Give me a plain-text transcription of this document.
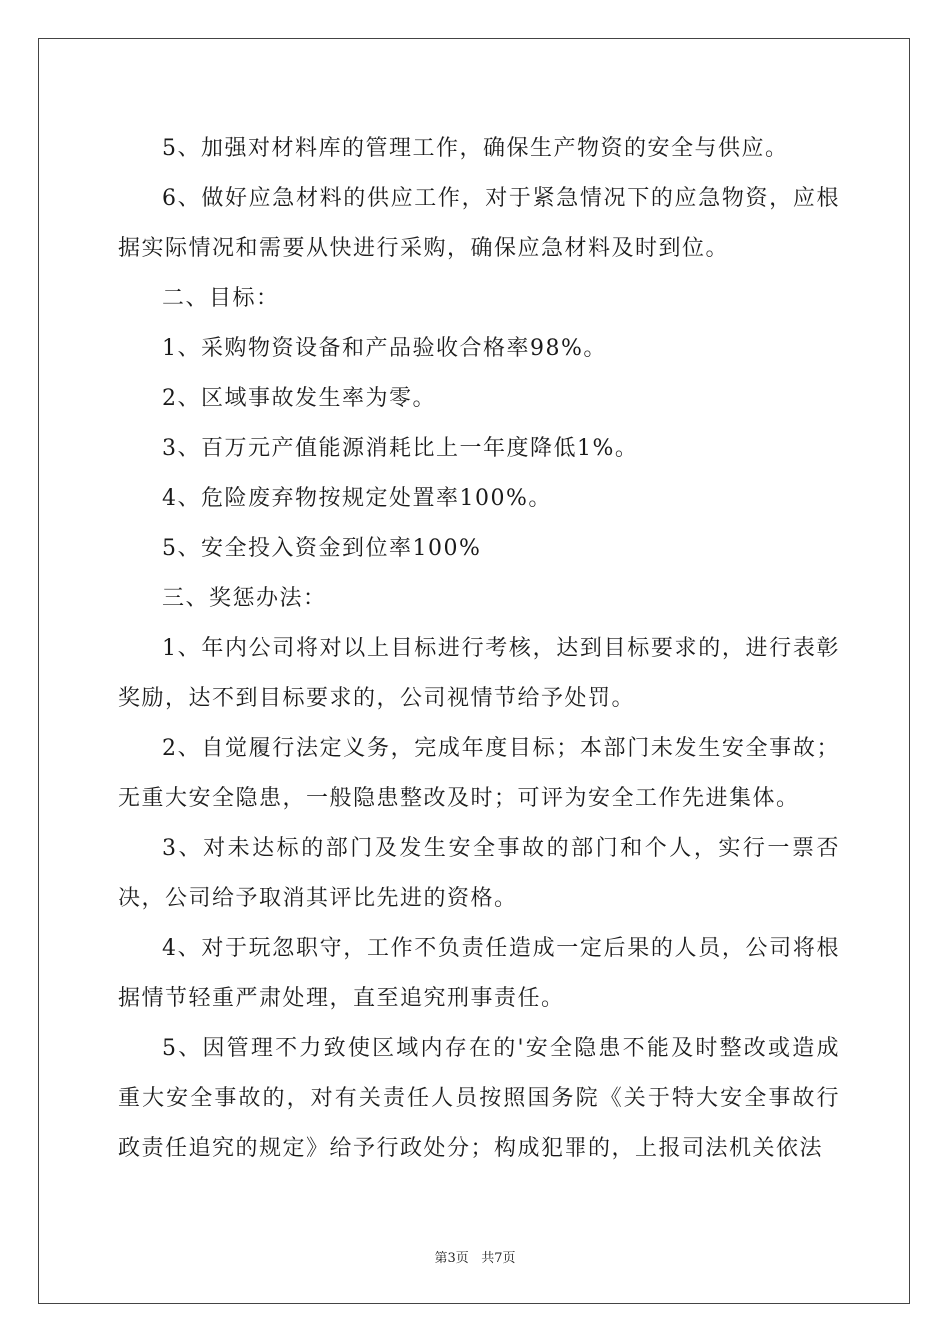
5、加强对材料库的管理工作，确保生产物资的安全与供应。

6、做好应急材料的供应工作，对于紧急情况下的应急物资，应根据实际情况和需要从快进行采购，确保应急材料及时到位。

二、目标：

1、采购物资设备和产品验收合格率98%。

2、区域事故发生率为零。

3、百万元产值能源消耗比上一年度降低1%。

4、危险废弃物按规定处置率100%。

5、安全投入资金到位率100%

三、奖惩办法：

1、年内公司将对以上目标进行考核，达到目标要求的，进行表彰奖励，达不到目标要求的，公司视情节给予处罚。

2、自觉履行法定义务，完成年度目标；本部门未发生安全事故；无重大安全隐患，一般隐患整改及时；可评为安全工作先进集体。

3、对未达标的部门及发生安全事故的部门和个人，实行一票否决，公司给予取消其评比先进的资格。

4、对于玩忽职守，工作不负责任造成一定后果的人员，公司将根据情节轻重严肃处理，直至追究刑事责任。

5、因管理不力致使区域内存在的'安全隐患不能及时整改或造成重大安全事故的，对有关责任人员按照国务院《关于特大安全事故行政责任追究的规定》给予行政处分；构成犯罪的，上报司法机关依法

第3页 共7页
